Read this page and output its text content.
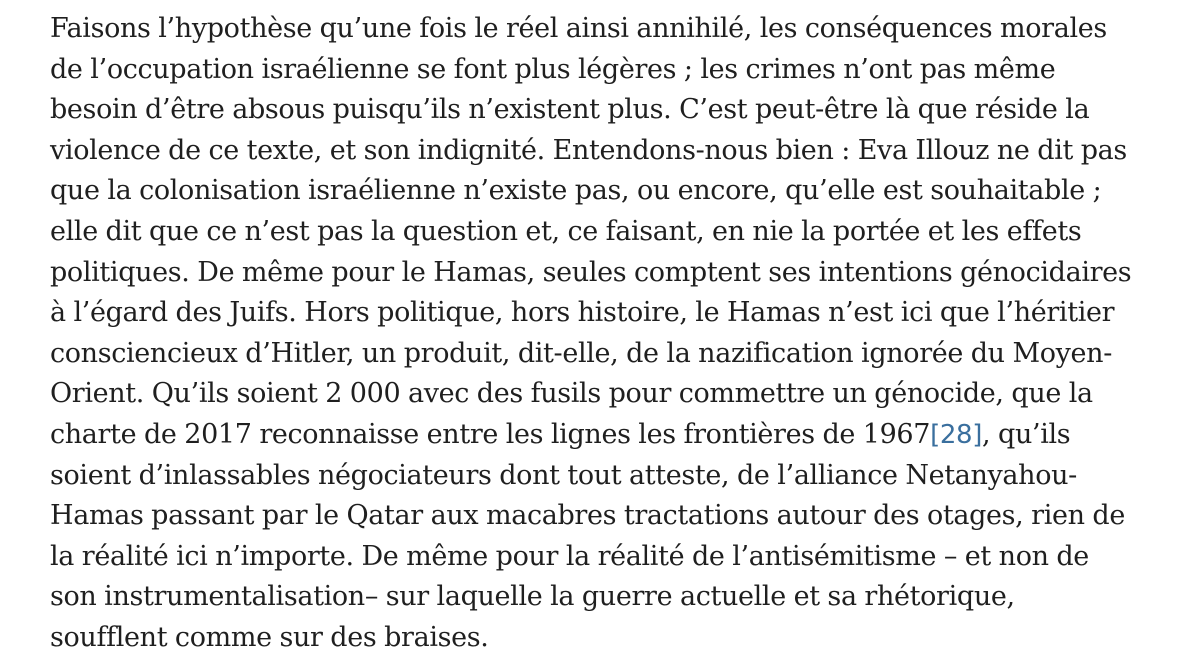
Faisons l’hypothèse qu’une fois le réel ainsi annihilé, les conséquences morales
de l’occupation israélienne se font plus légères ; les crimes n’ont pas même
besoin d’être absous puisqu’ils n’existent plus. C’est peut-être là que réside la
violence de ce texte, et son indignité. Entendons-nous bien : Eva Illouz ne dit pas
que la colonisation israélienne n’existe pas, ou encore, qu’elle est souhaitable ;
elle dit que ce n’est pas la question et, ce faisant, en nie la portée et les effets
politiques. De même pour le Hamas, seules comptent ses intentions génocidaires
à l’égard des Juifs. Hors politique, hors histoire, le Hamas n’est ici que l’héritier
consciencieux d’Hitler, un produit, dit-elle, de la nazification ignorée du Moyen-
Orient. Qu’ils soient 2 000 avec des fusils pour commettre un génocide, que la
charte de 2017 reconnaisse entre les lignes les frontières de 1967[28], qu’ils
soient d’inlassables négociateurs dont tout atteste, de l’alliance Netanyahou-
Hamas passant par le Qatar aux macabres tractations autour des otages, rien de
la réalité ici n’importe. De même pour la réalité de l’antisémitisme – et non de
son instrumentalisation– sur laquelle la guerre actuelle et sa rhétorique,
soufflent comme sur des braises.
